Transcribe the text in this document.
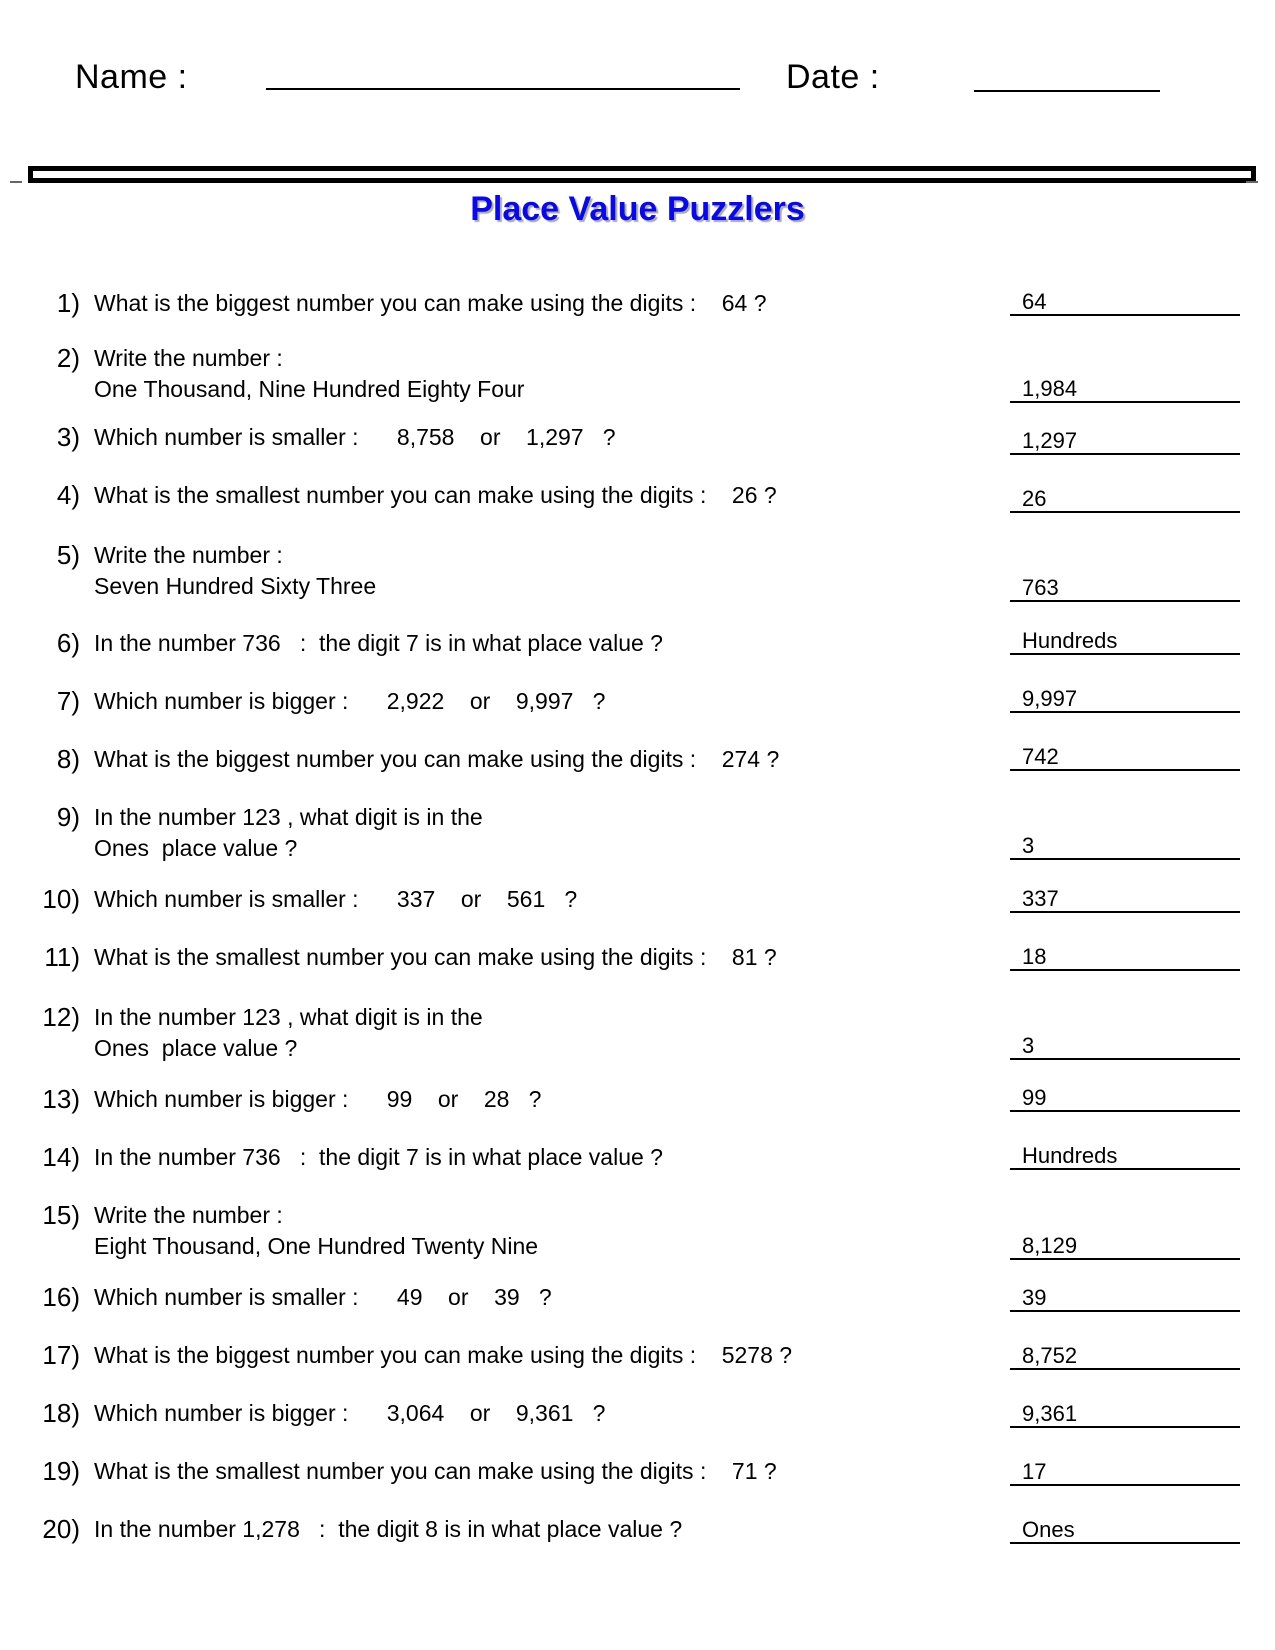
Name :	Date :
Place Value Puzzlers
1) What is the biggest number you can make using the digits :    64 ?	64
2) Write the number :
One Thousand, Nine Hundred Eighty Four	1,984
3) Which number is smaller :      8,758    or    1,297   ?	1,297
4) What is the smallest number you can make using the digits :    26 ?	26
5) Write the number :
Seven Hundred Sixty Three	763
6) In the number 736   :  the digit 7 is in what place value ?	Hundreds
7) Which number is bigger :      2,922    or    9,997   ?	9,997
8) What is the biggest number you can make using the digits :    274 ?	742
9) In the number 123 , what digit is in the
Ones  place value ?	3
10) Which number is smaller :      337    or    561   ?	337
11) What is the smallest number you can make using the digits :    81 ?	18
12) In the number 123 , what digit is in the
Ones  place value ?	3
13) Which number is bigger :      99    or    28   ?	99
14) In the number 736   :  the digit 7 is in what place value ?	Hundreds
15) Write the number :
Eight Thousand, One Hundred Twenty Nine	8,129
16) Which number is smaller :      49    or    39   ?	39
17) What is the biggest number you can make using the digits :    5278 ?	8,752
18) Which number is bigger :      3,064    or    9,361   ?	9,361
19) What is the smallest number you can make using the digits :    71 ?	17
20) In the number 1,278   :  the digit 8 is in what place value ?	Ones
